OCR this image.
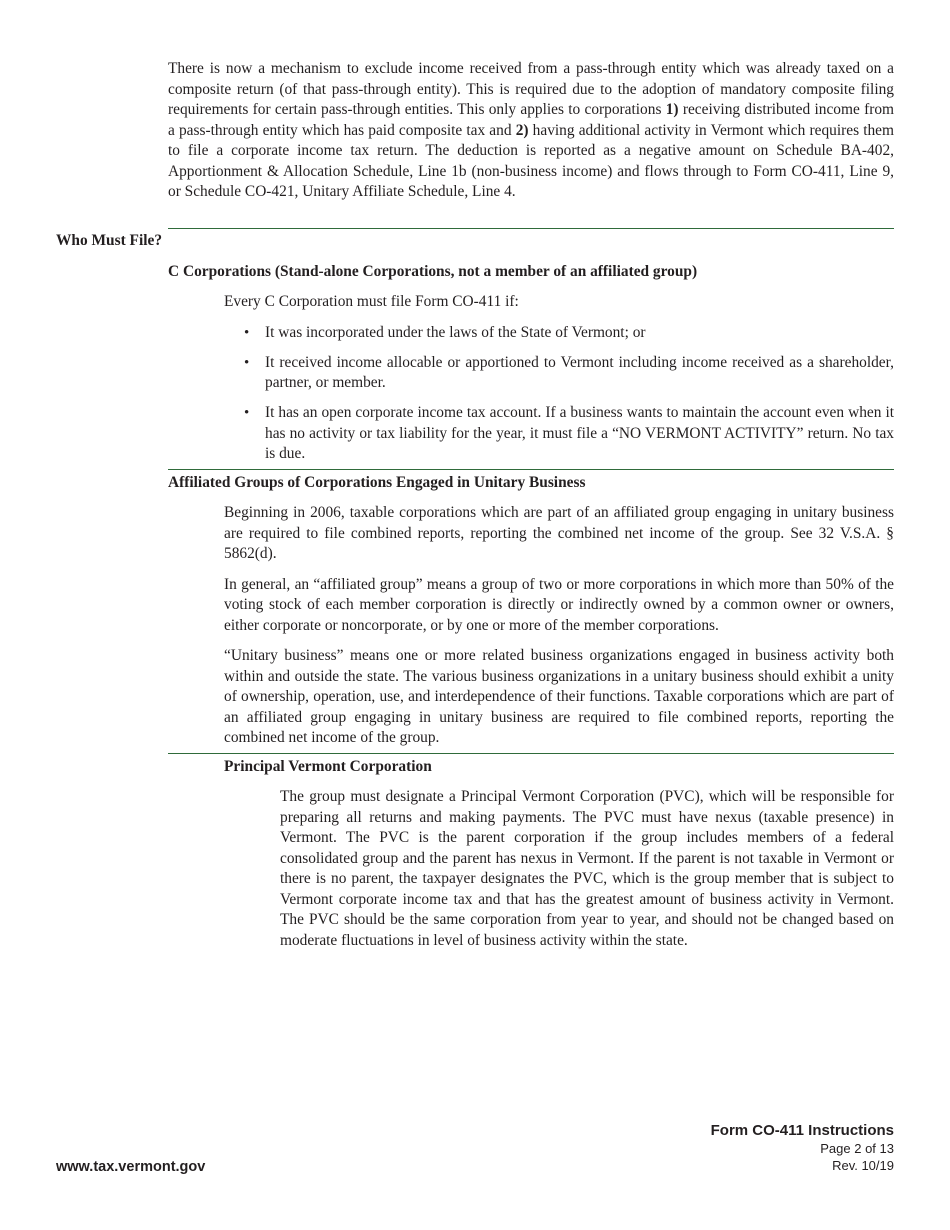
There is now a mechanism to exclude income received from a pass-through entity which was already taxed on a composite return (of that pass-through entity). This is required due to the adoption of mandatory composite filing requirements for certain pass-through entities. This only applies to corporations 1) receiving distributed income from a pass-through entity which has paid composite tax and 2) having additional activity in Vermont which requires them to file a corporate income tax return. The deduction is reported as a negative amount on Schedule BA-402, Apportionment & Allocation Schedule, Line 1b (non-business income) and flows through to Form CO-411, Line 9, or Schedule CO-421, Unitary Affiliate Schedule, Line 4.

Who Must File?
C Corporations (Stand-alone Corporations, not a member of an affiliated group)

Every C Corporation must file Form CO-411 if:

• It was incorporated under the laws of the State of Vermont; or
• It received income allocable or apportioned to Vermont including income received as a shareholder, partner, or member.
• It has an open corporate income tax account. If a business wants to maintain the account even when it has no activity or tax liability for the year, it must file a “NO VERMONT ACTIVITY” return. No tax is due.
Affiliated Groups of Corporations Engaged in Unitary Business

Beginning in 2006, taxable corporations which are part of an affiliated group engaging in unitary business are required to file combined reports, reporting the combined net income of the group. See 32 V.S.A. § 5862(d).

In general, an “affiliated group” means a group of two or more corporations in which more than 50% of the voting stock of each member corporation is directly or indirectly owned by a common owner or owners, either corporate or noncorporate, or by one or more of the member corporations.

“Unitary business” means one or more related business organizations engaged in business activity both within and outside the state. The various business organizations in a unitary business should exhibit a unity of ownership, operation, use, and interdependence of their functions. Taxable corporations which are part of an affiliated group engaging in unitary business are required to file combined reports, reporting the combined net income of the group.

Principal Vermont Corporation

The group must designate a Principal Vermont Corporation (PVC), which will be responsible for preparing all returns and making payments. The PVC must have nexus (taxable presence) in Vermont. The PVC is the parent corporation if the group includes members of a federal consolidated group and the parent has nexus in Vermont. If the parent is not taxable in Vermont or there is no parent, the taxpayer designates the PVC, which is the group member that is subject to Vermont corporate income tax and that has the greatest amount of business activity in Vermont. The PVC should be the same corporation from year to year, and should not be changed based on moderate fluctuations in level of business activity within the state.

www.tax.vermont.gov
Form CO-411 Instructions
Page 2 of 13
Rev. 10/19
